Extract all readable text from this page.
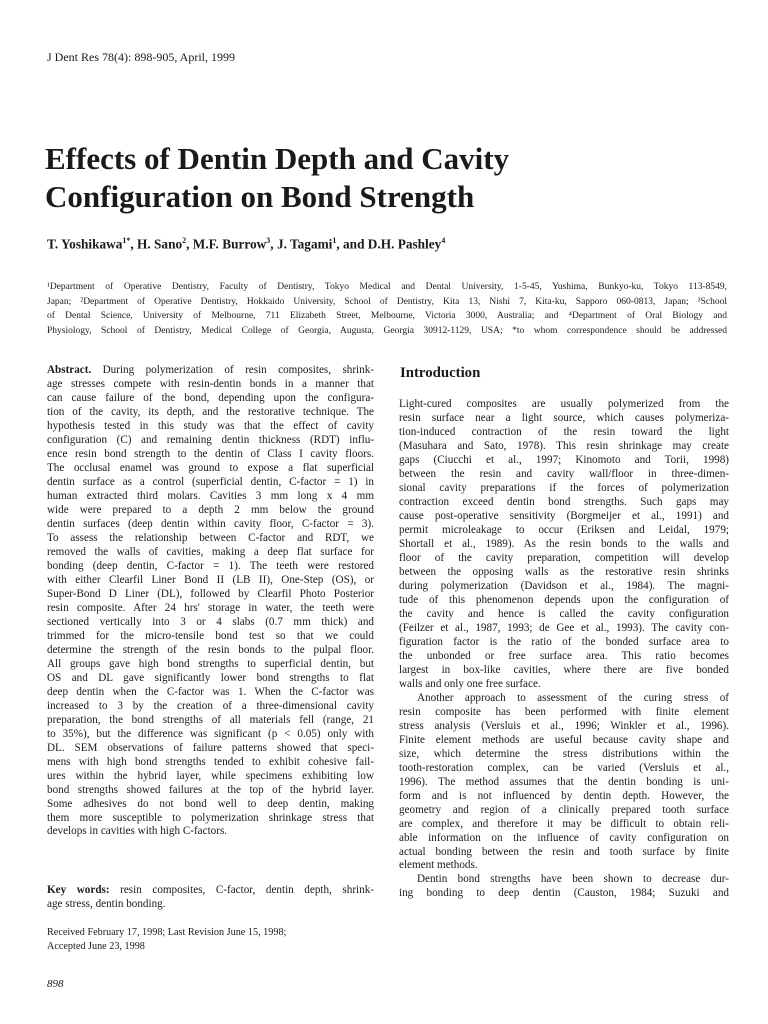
J Dent Res 78(4): 898-905, April, 1999
Effects of Dentin Depth and Cavity
Configuration on Bond Strength
T. Yoshikawa$^{1*}$, H. Sano$^2$, M.F. Burrow$^3$, J. Tagami$^1$, and D.H. Pashley$^4$
¹Department of Operative Dentistry, Faculty of Dentistry, Tokyo Medical and Dental University, 1-5-45, Yushima, Bunkyo-ku, Tokyo 113-8549,
Japan; ²Department of Operative Dentistry, Hokkaido University, School of Dentistry, Kita 13, Nishi 7, Kita-ku, Sapporo 060-0813, Japan; ³School
of Dental Science, University of Melbourne, 711 Elizabeth Street, Melbourne, Victoria 3000, Australia; and ⁴Department of Oral Biology and
Physiology, School of Dentistry, Medical College of Georgia, Augusta, Georgia 30912-1129, USA; *to whom correspondence should be addressed
Abstract. During polymerization of resin composites, shrink-
age stresses compete with resin-dentin bonds in a manner that
can cause failure of the bond, depending upon the configura-
tion of the cavity, its depth, and the restorative technique. The
hypothesis tested in this study was that the effect of cavity
configuration (C) and remaining dentin thickness (RDT) influ-
ence resin bond strength to the dentin of Class I cavity floors.
The occlusal enamel was ground to expose a flat superficial
dentin surface as a control (superficial dentin, C-factor = 1) in
human extracted third molars. Cavities 3 mm long x 4 mm
wide were prepared to a depth 2 mm below the ground
dentin surfaces (deep dentin within cavity floor, C-factor = 3).
To assess the relationship between C-factor and RDT, we
removed the walls of cavities, making a deep flat surface for
bonding (deep dentin, C-factor = 1). The teeth were restored
with either Clearfil Liner Bond II (LB II), One-Step (OS), or
Super-Bond D Liner (DL), followed by Clearfil Photo Posterior
resin composite. After 24 hrs' storage in water, the teeth were
sectioned vertically into 3 or 4 slabs (0.7 mm thick) and
trimmed for the micro-tensile bond test so that we could
determine the strength of the resin bonds to the pulpal floor.
All groups gave high bond strengths to superficial dentin, but
OS and DL gave significantly lower bond strengths to flat
deep dentin when the C-factor was 1. When the C-factor was
increased to 3 by the creation of a three-dimensional cavity
preparation, the bond strengths of all materials fell (range, 21
to 35%), but the difference was significant (p < 0.05) only with
DL. SEM observations of failure patterns showed that speci-
mens with high bond strengths tended to exhibit cohesive fail-
ures within the hybrid layer, while specimens exhibiting low
bond strengths showed failures at the top of the hybrid layer.
Some adhesives do not bond well to deep dentin, making
them more susceptible to polymerization shrinkage stress that
develops in cavities with high C-factors.
Key words: resin composites, C-factor, dentin depth, shrink-
age stress, dentin bonding.
Received February 17, 1998; Last Revision June 15, 1998;
Accepted June 23, 1998
898
Introduction
Light-cured composites are usually polymerized from the
resin surface near a light source, which causes polymeriza-
tion-induced contraction of the resin toward the light
(Masuhara and Sato, 1978). This resin shrinkage may create
gaps (Ciucchi et al., 1997; Kinomoto and Torii, 1998)
between the resin and cavity wall/floor in three-dimen-
sional cavity preparations if the forces of polymerization
contraction exceed dentin bond strengths. Such gaps may
cause post-operative sensitivity (Borgmeijer et al., 1991) and
permit microleakage to occur (Eriksen and Leidal, 1979;
Shortall et al., 1989). As the resin bonds to the walls and
floor of the cavity preparation, competition will develop
between the opposing walls as the restorative resin shrinks
during polymerization (Davidson et al., 1984). The magni-
tude of this phenomenon depends upon the configuration of
the cavity and hence is called the cavity configuration
(Feilzer et al., 1987, 1993; de Gee et al., 1993). The cavity con-
figuration factor is the ratio of the bonded surface area to
the unbonded or free surface area. This ratio becomes
largest in box-like cavities, where there are five bonded
walls and only one free surface.
Another approach to assessment of the curing stress of
resin composite has been performed with finite element
stress analysis (Versluis et al., 1996; Winkler et al., 1996).
Finite element methods are useful because cavity shape and
size, which determine the stress distributions within the
tooth-restoration complex, can be varied (Versluis et al.,
1996). The method assumes that the dentin bonding is uni-
form and is not influenced by dentin depth. However, the
geometry and region of a clinically prepared tooth surface
are complex, and therefore it may be difficult to obtain reli-
able information on the influence of cavity configuration on
actual bonding between the resin and tooth surface by finite
element methods.
Dentin bond strengths have been shown to decrease dur-
ing bonding to deep dentin (Causton, 1984; Suzuki and
